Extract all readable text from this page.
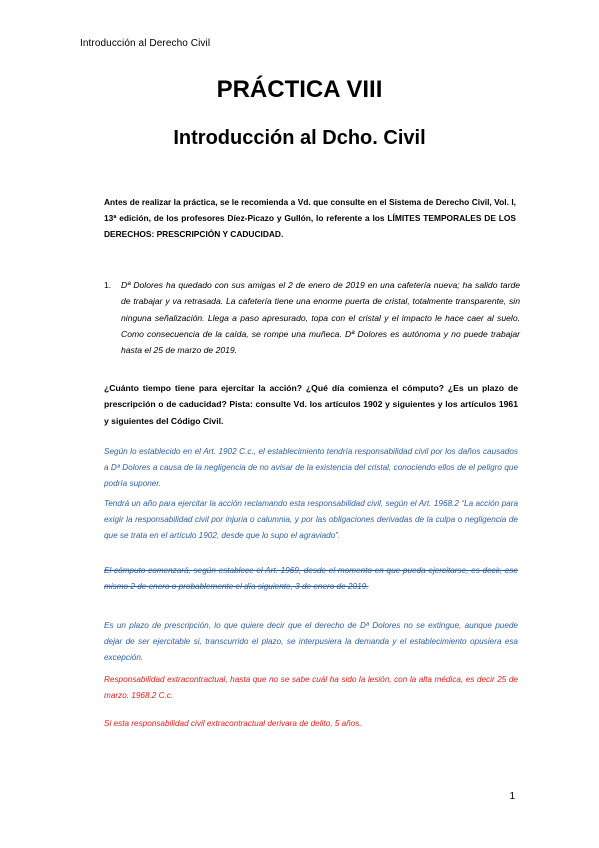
Introducción al Derecho Civil
PRÁCTICA VIII
Introducción al Dcho. Civil

Antes de realizar la práctica, se le recomienda a Vd. que consulte en el Sistema de Derecho Civil, Vol. I, 13ª edición, de los profesores Díez-Picazo y Gullón, lo referente a los LÍMITES TEMPORALES DE LOS DERECHOS: PRESCRIPCIÓN Y CADUCIDAD.

1. Dª Dolores ha quedado con sus amigas el 2 de enero de 2019 en una cafetería nueva; ha salido tarde de trabajar y va retrasada. La cafetería tiene una enorme puerta de cristal, totalmente transparente, sin ninguna señalización. Llega a paso apresurado, topa con el cristal y el impacto le hace caer al suelo. Como consecuencia de la caída, se rompe una muñeca. Dª Dolores es autónoma y no puede trabajar hasta el 25 de marzo de 2019.

¿Cuánto tiempo tiene para ejercitar la acción? ¿Qué día comienza el cómputo? ¿Es un plazo de prescripción o de caducidad? Pista: consulte Vd. los artículos 1902 y siguientes y los artículos 1961 y siguientes del Código Civil.

Según lo establecido en el Art. 1902 C.c., el establecimiento tendría responsabilidad civil por los daños causados a Dª Dolores a causa de la negligencia de no avisar de la existencia del cristal, conociendo ellos de el peligro que podría suponer.

Tendrá un año para ejercitar la acción reclamando esta responsabilidad civil, según el Art. 1968.2 “La acción para exigir la responsabilidad civil por injuria o calumnia, y por las obligaciones derivadas de la culpa o negligencia de que se trata en el artículo 1902, desde que lo supo el agraviado”.

El cómputo comenzará, según establece el Art. 1969, desde el momento en que pueda ejercitarse, es decir, ese mismo 2 de enero o probablemente el día siguiente, 3 de enero de 2019.

Es un plazo de prescripción, lo que quiere decir que el derecho de Dª Dolores no se extingue, aunque puede dejar de ser ejercitable si, transcurrido el plazo, se interpusiera la demanda y el establecimiento opusiera esa excepción.

Responsabilidad extracontractual, hasta que no se sabe cuál ha sido la lesión, con la alta médica, es decir 25 de marzo. 1968.2 C.c.

Si esta responsabilidad civil extracontractual derivara de delito, 5 años.

1
